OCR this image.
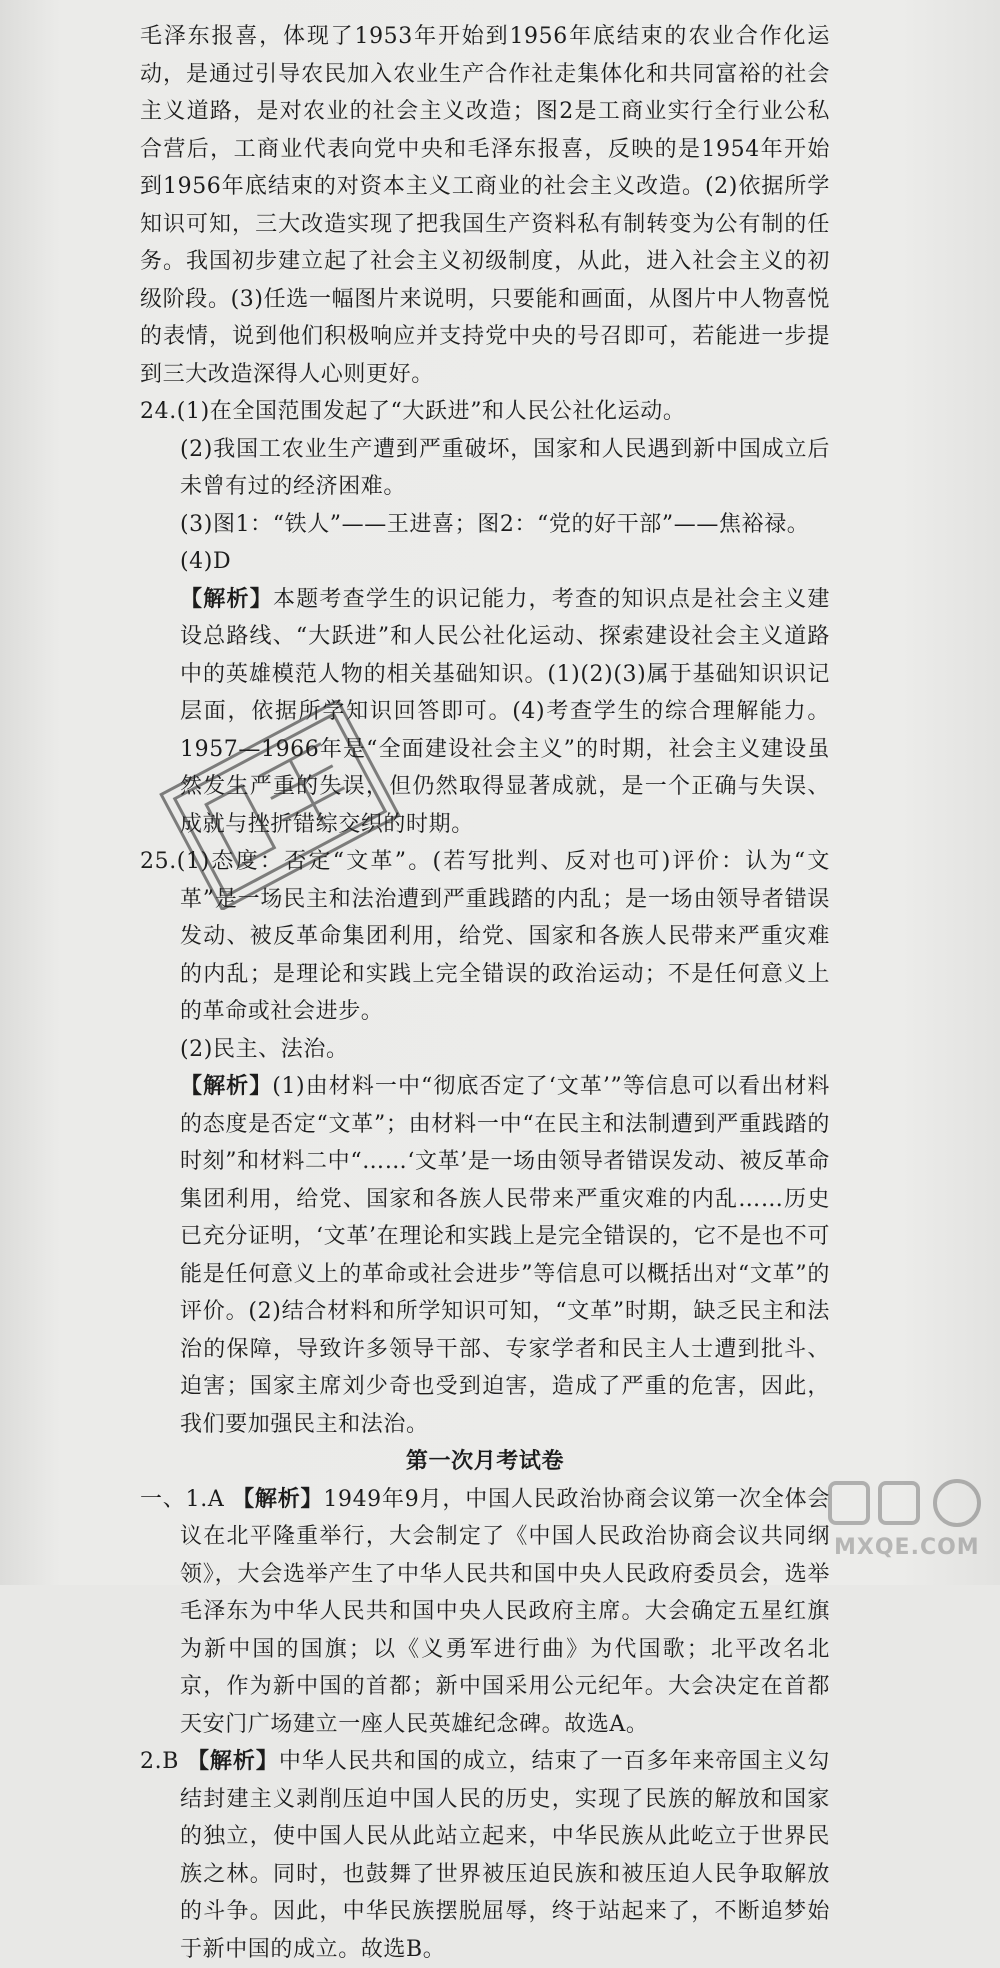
毛泽东报喜，体现了1953年开始到1956年底结束的农业合作化运动，是通过引导农民加入农业生产合作社走集体化和共同富裕的社会主义道路，是对农业的社会主义改造；图2是工商业实行全行业公私合营后，工商业代表向党中央和毛泽东报喜，反映的是1954年开始到1956年底结束的对资本主义工商业的社会主义改造。(2)依据所学知识可知，三大改造实现了把我国生产资料私有制转变为公有制的任务。我国初步建立起了社会主义初级制度，从此，进入社会主义的初级阶段。(3)任选一幅图片来说明，只要能和画面，从图片中人物喜悦的表情，说到他们积极响应并支持党中央的号召即可，若能进一步提到三大改造深得人心则更好。

24.(1)在全国范围发起了“大跃进”和人民公社化运动。

(2)我国工农业生产遭到严重破坏，国家和人民遇到新中国成立后未曾有过的经济困难。

(3)图1：“铁人”——王进喜；图2：“党的好干部”——焦裕禄。

(4)D

【解析】本题考查学生的识记能力，考查的知识点是社会主义建设总路线、“大跃进”和人民公社化运动、探索建设社会主义道路中的英雄模范人物的相关基础知识。(1)(2)(3)属于基础知识识记层面，依据所学知识回答即可。(4)考查学生的综合理解能力。1957—1966年是“全面建设社会主义”的时期，社会主义建设虽然发生严重的失误，但仍然取得显著成就，是一个正确与失误、成就与挫折错综交织的时期。

25.(1)态度：否定“文革”。(若写批判、反对也可)评价：认为“文革”是一场民主和法治遭到严重践踏的内乱；是一场由领导者错误发动、被反革命集团利用，给党、国家和各族人民带来严重灾难的内乱；是理论和实践上完全错误的政治运动；不是任何意义上的革命或社会进步。

(2)民主、法治。

【解析】(1)由材料一中“彻底否定了‘文革’”等信息可以看出材料的态度是否定“文革”；由材料一中“在民主和法制遭到严重践踏的时刻”和材料二中“……‘文革’是一场由领导者错误发动、被反革命集团利用，给党、国家和各族人民带来严重灾难的内乱……历史已充分证明，‘文革’在理论和实践上是完全错误的，它不是也不可能是任何意义上的革命或社会进步”等信息可以概括出对“文革”的评价。(2)结合材料和所学知识可知，“文革”时期，缺乏民主和法治的保障，导致许多领导干部、专家学者和民主人士遭到批斗、迫害；国家主席刘少奇也受到迫害，造成了严重的危害，因此，我们要加强民主和法治。

第一次月考试卷

一、1.A 【解析】1949年9月，中国人民政治协商会议第一次全体会议在北平隆重举行，大会制定了《中国人民政治协商会议共同纲领》，大会选举产生了中华人民共和国中央人民政府委员会，选举毛泽东为中华人民共和国中央人民政府主席。大会确定五星红旗为新中国的国旗；以《义勇军进行曲》为代国歌；北平改名北京，作为新中国的首都；新中国采用公元纪年。大会决定在首都天安门广场建立一座人民英雄纪念碑。故选A。

2.B 【解析】中华人民共和国的成立，结束了一百多年来帝国主义勾结封建主义剥削压迫中国人民的历史，实现了民族的解放和国家的独立，使中国人民从此站立起来，中华民族从此屹立于世界民族之林。同时，也鼓舞了世界被压迫民族和被压迫人民争取解放的斗争。因此，中华民族摆脱屈辱，终于站起来了，不断追梦始于新中国的成立。故选B。

MXQE.COM
